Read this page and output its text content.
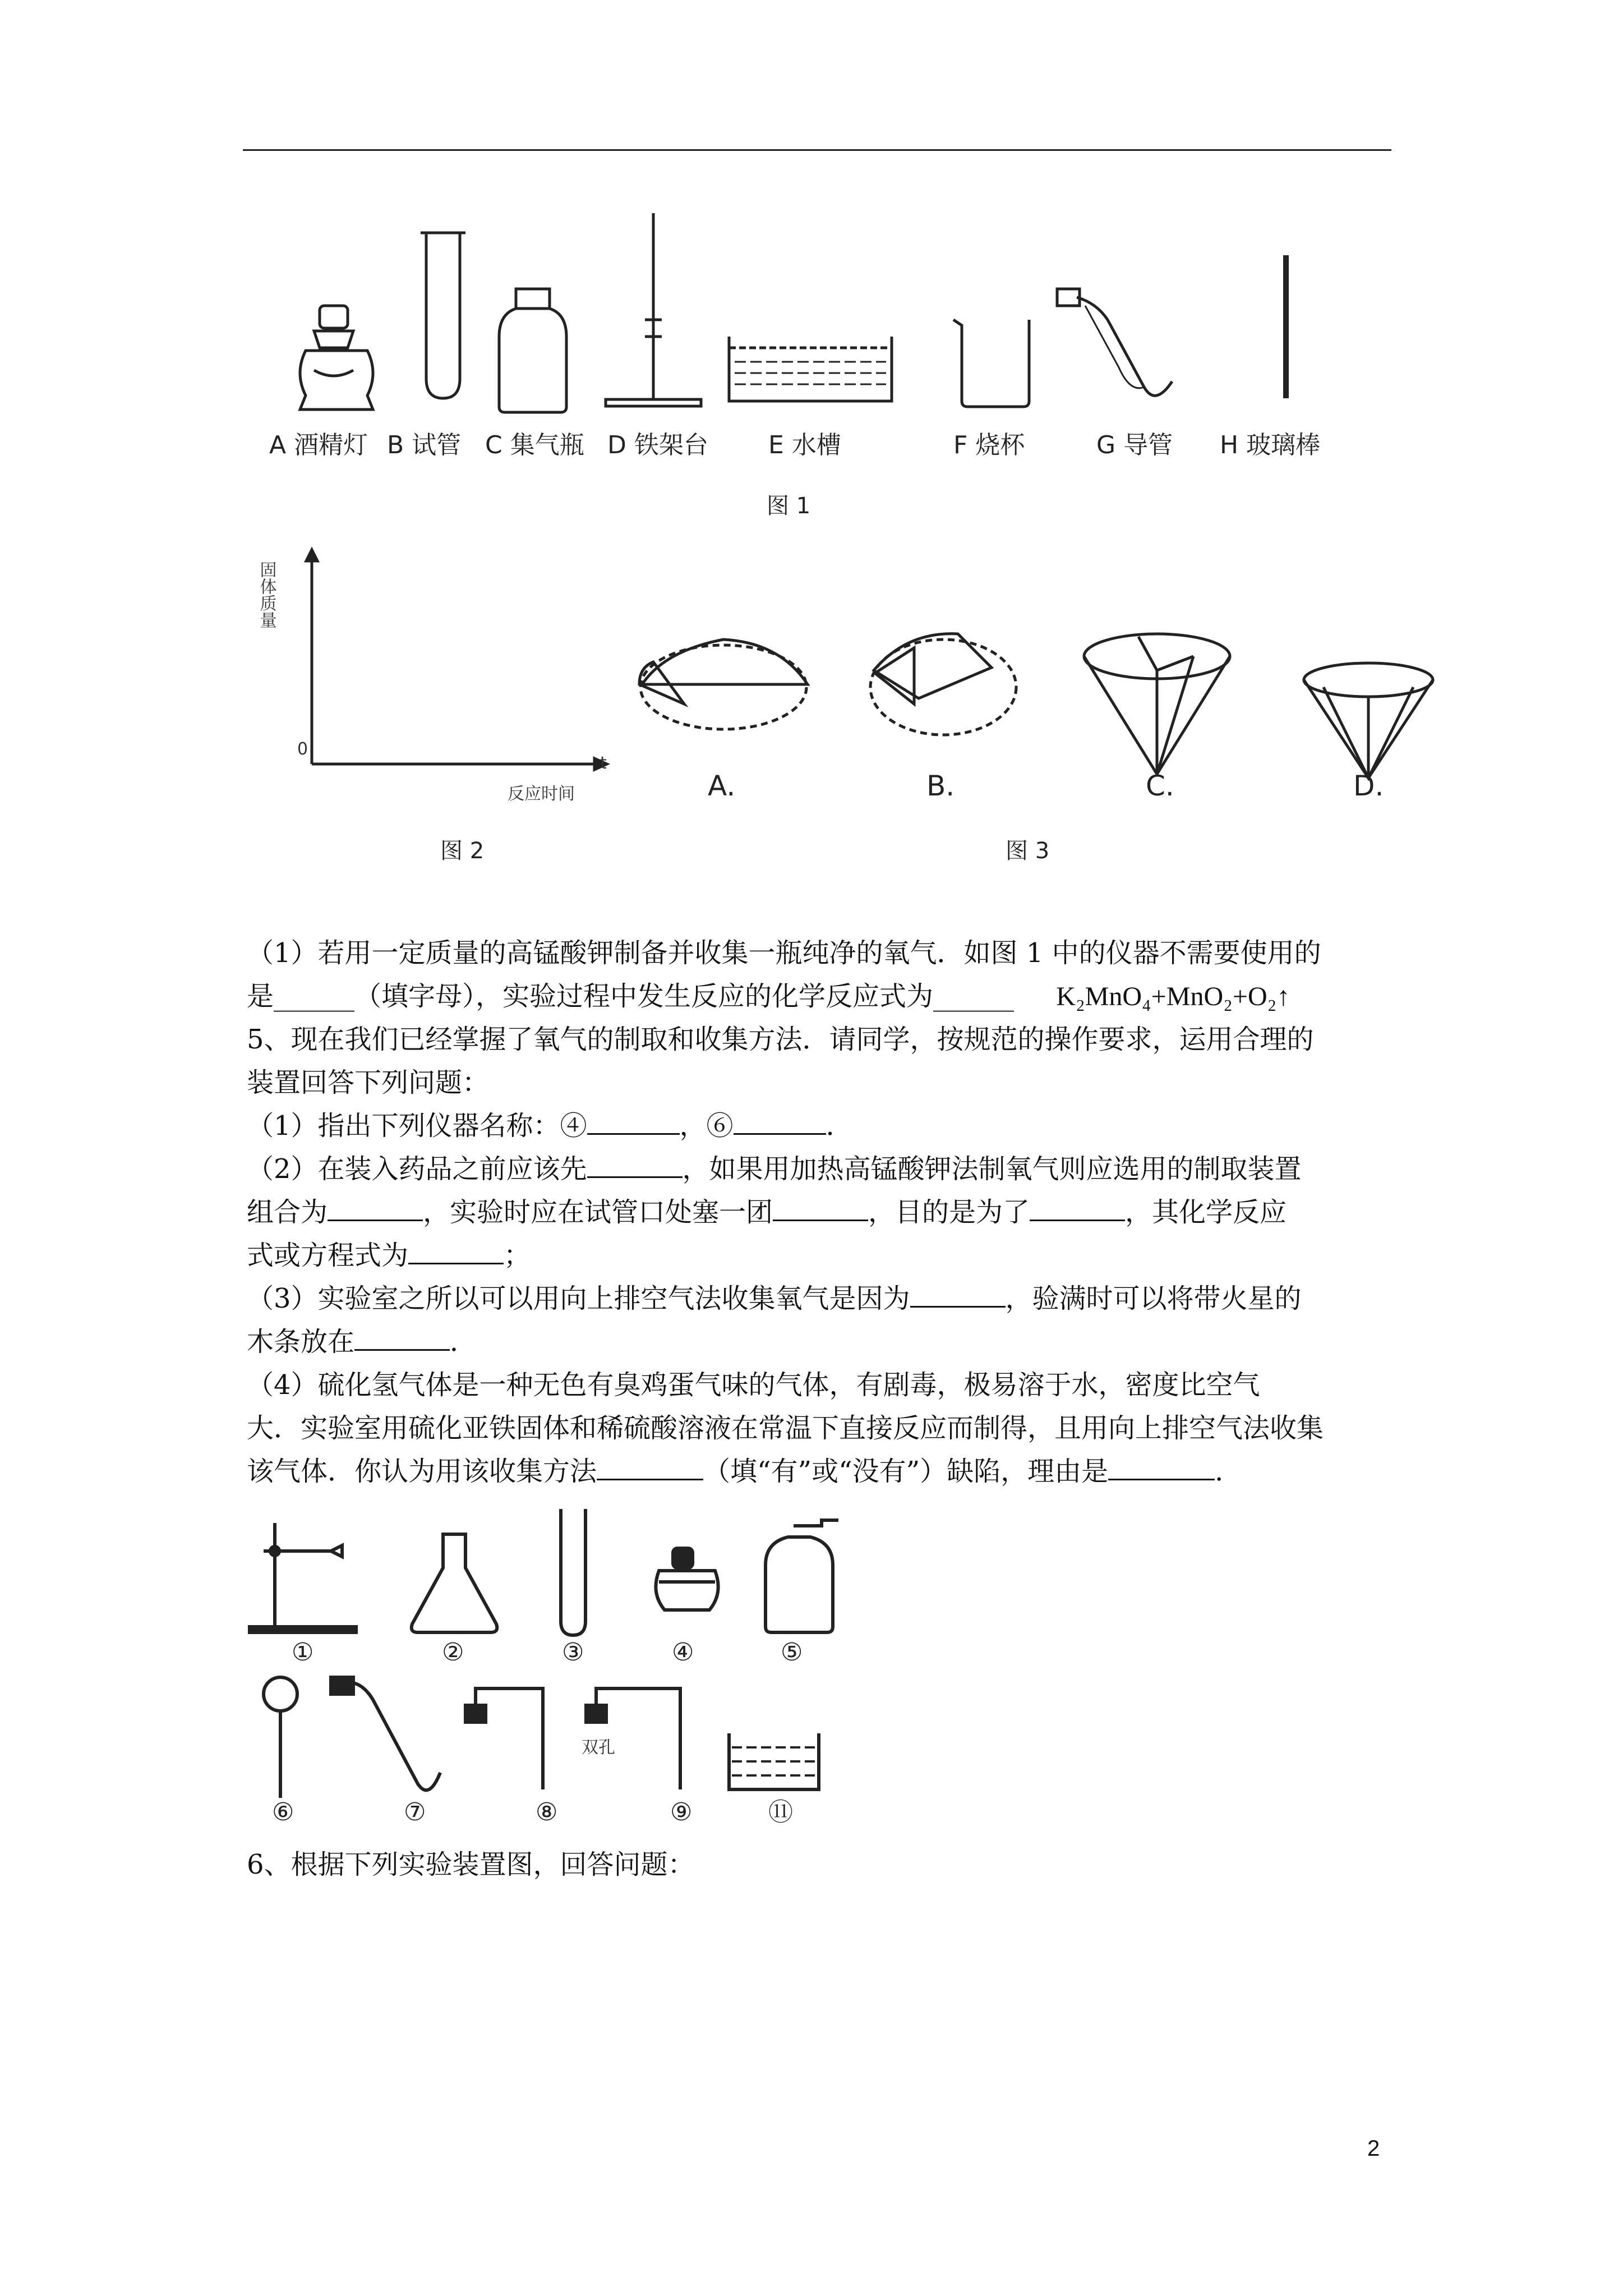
A 酒精灯 B 试管 C 集气瓶 D 铁架台 E 水槽	F 烧杯	G 导管 H 玻璃棒
图 1
固体质量
0
t
反应时间
图 2
A.	B.	C.	D.
图 3
（1）若用一定质量的高锰酸钾制备并收集一瓶纯净的氧气．如图 1 中的仪器不需要使用的
是______（填字母），实验过程中发生反应的化学反应式为______ K₂MnO₄+MnO₂+O₂↑
5、现在我们已经掌握了氧气的制取和收集方法．请同学，按规范的操作要求，运用合理的
装置回答下列问题：
（1）指出下列仪器名称：④	，⑥	．
（2）在装入药品之前应该先	，如果用加热高锰酸钾法制氧气则应选用的制取装置
组合为	，实验时应在试管口处塞一团	，目的是为了	，其化学反应
式或方程式为	；
（3）实验室之所以可以用向上排空气法收集氧气是因为	，验满时可以将带火星的
木条放在	．
（4）硫化氢气体是一种无色有臭鸡蛋气味的气体，有剧毒，极易溶于水，密度比空气
大．实验室用硫化亚铁固体和稀硫酸溶液在常温下直接反应而制得，且用向上排空气法收集
该气体．你认为用该收集方法	（填“有”或“没有”）缺陷，理由是	．
①	②	③	④	⑤
⑥	⑦	⑧	⑨	⑪
双孔
6、根据下列实验装置图，回答问题：
2
